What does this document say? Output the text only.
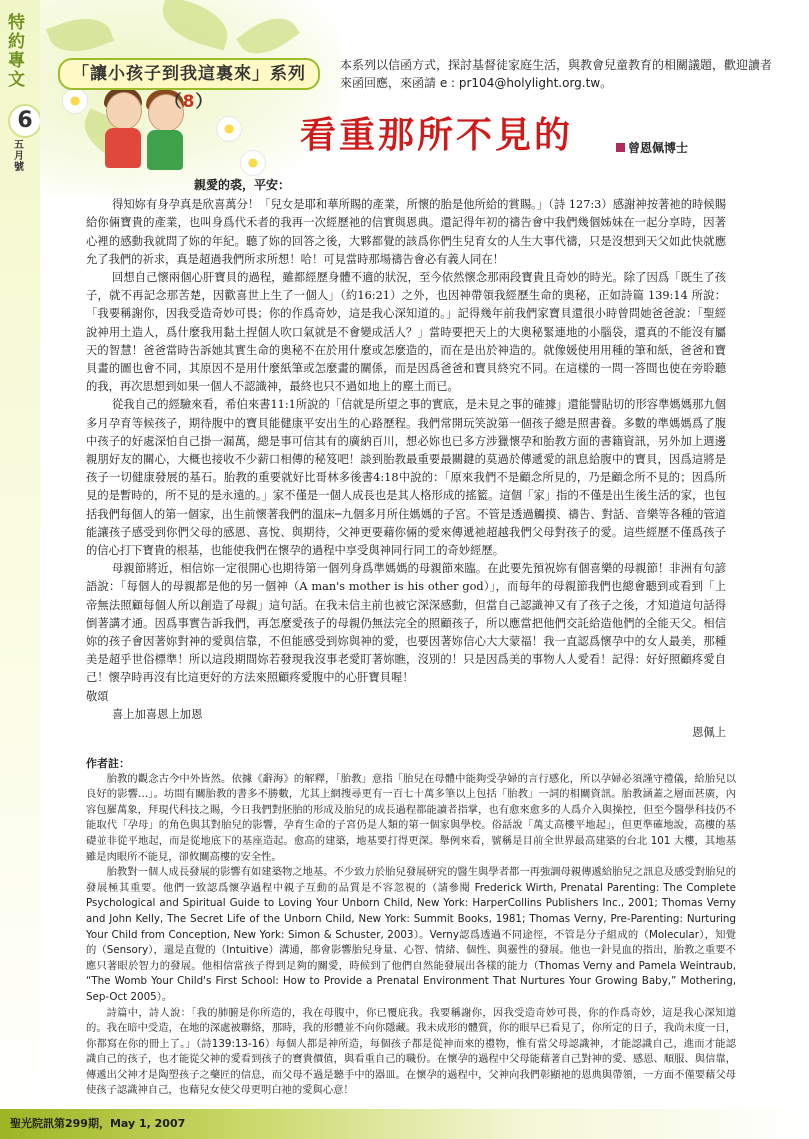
特約專文
6
五月號
「讓小孩子到我這裏來」系列（8）
本系列以信函方式，探討基督徒家庭生活，與教會兒童教育的相關議題，歡迎讀者來函回應，來函請 e : pr104@holylight.org.tw。
看重那所不見的	曾恩佩博士
親愛的裘，平安：

得知妳有身孕真是欣喜萬分！「兒女是耶和華所賜的產業，所懷的胎是他所給的賞賜。」（詩 127:3）感謝神按著祂的時候賜給你倆寶貴的產業，也叫身爲代禾者的我再一次經歷祂的信實與恩典。還記得年初的禱告會中我們幾個姊妹在一起分享時，因著心裡的感動我就問了妳的年紀。聽了妳的回答之後，大夥都覺的該爲你們生兒育女的人生大事代禱，只是沒想到天父如此快就應允了我們的祈求，真是超過我們所求所想！哈！可見當時那場禱告會必有義人同在！

回想自己懷兩個心肝寶貝的過程，雖都經歷身體不適的狀況，至今依然懷念那兩段寶貴且奇妙的時光。除了因爲「既生了孩子，就不再記念那苦楚，因歡喜世上生了一個人」（約16:21）之外，也因神帶領我經歷生命的奧秘，正如詩篇 139:14 所說：「我要稱謝你，因我受造奇妙可畏；你的作爲奇妙，這是我心深知道的。」記得幾年前我們家寶貝還很小時曾問她爸爸說：「聖經說神用土造人，爲什麼我用黏土捏個人吹口氣就是不會變成活人？」當時要把天上的大奧秘緊連地的小腦袋，還真的不能沒有屬天的智慧！爸爸當時告訴她其實生命的奧秘不在於用什麼或怎麼造的，而在是出於神造的。就像媛使用用種的筆和紙，爸爸和寶貝畫的圖也會不同，其原因不是用什麼紙筆或怎麼畫的關係，而是因爲爸爸和寶貝終究不同。在這樣的一問一答間也使在旁聆聽的我，再次思想到如果一個人不認識神，最終也只不過如地上的塵土而已。

從我自己的經驗來看，希伯來書11:1所說的「信就是所望之事的實底，是未見之事的確據」還能譬貼切的形容準媽媽那九個多月孕育等候孩子，期待腹中的寶貝能健康平安出生的心路歷程。我們常開玩笑說第一個孩子總是照書養。多數的準媽媽爲了腹中孩子的好處深怕自己掛一漏萬，總是事可信其有的廣納百川，想必妳也已多方涉獵懷孕和胎教方面的書籍資訊，另外加上週邊親朋好友的關心，大概也接收不少薪口相傳的秘笈吧！談到胎教最重要最關鍵的莫過於傳遞愛的訊息給腹中的寶貝，因爲這將是孩子一切健康發展的基石。胎教的重要就好比哥林多後書4:18中說的：「原來我們不是顧念所見的，乃是顧念所不見的；因爲所見的是暫時的，所不見的是永遠的。」家不僅是一個人成長也是其人格形成的搖籃。這個「家」指的不僅是出生後生活的家，也包括我們每個人的第一個家，出生前懷著我們的溫床─九個多月所住媽媽的子宮。不管是透過觸摸、禱告、對話、音樂等各種的管道能讓孩子感受到你們父母的感恩、喜悅、與期待，父神更要藉你倆的愛來傳遞祂超越我們父母對孩子的愛。這些經歷不僅爲孩子的信心打下寶貴的根基，也能使我們在懷孕的過程中享受與神同行同工的奇妙經歷。

母親節將近，相信妳一定很開心也期待第一個列身爲準媽媽的母親節來臨。在此要先預祝妳有個喜樂的母親節！非洲有句諺語說：「每個人的母親都是他的另一個神（A man's mother is his other god）」，而每年的母親節我們也總會聽到或看到「上帝無法照顧每個人所以創造了母親」這句話。在我未信主前也被它深深感動，但當自己認識神又有了孩子之後，才知道這句話得倒著講才通。因爲事實告訴我們，再怎麼愛孩子的母親仍無法完全的照顧孩子，所以應當把他們交託給造他們的全能天父。相信妳的孩子會因著妳對神的愛與信靠，不但能感受到妳與神的愛，也要因著妳信心大大蒙福！我一直認爲懷孕中的女人最美，那種美是超乎世俗標準！所以這段期間妳若發現我沒事老愛盯著妳瞧，沒別的！只是因爲美的事物人人愛看！記得：好好照顧疼愛自己！懷孕時再沒有比這更好的方法來照顧疼愛腹中的心肝寶貝喔！

敬頌

喜上加喜恩上加恩

恩佩上

作者註：

胎教的觀念古今中外皆然。依據《辭海》的解釋，「胎教」意指「胎兒在母體中能夠受孕婦的言行感化，所以孕婦必須謹守禮儀，給胎兒以良好的影響…」。坊間有關胎教的書多不勝數，尤其上網搜尋更有一百七十萬多筆以上包括「胎教」一詞的相關資訊。胎教涵蓋之層面甚廣，內容包羅萬象，拜現代科技之賜，今日我們對胚胎的形成及胎兒的成長過程都能讀者指掌，也有愈來愈多的人爲介入與操控，但至今醫學科技仍不能取代「孕母」的角色與其對胎兒的影響，孕育生命的子宮仍是人類的第一個家與學校。俗話說「萬丈高樓平地起」，但更準確地說，高樓的基礎並非從平地起，而是從地底下的基座造起。愈高的建築，地基要打得更深。舉例來看，號稱是目前全世界最高建築的台北 101 大樓，其地基雖是肉眼所不能見，卻攸關高樓的安全性。

胎教對一個人成長發展的影響有如建築物之地基。不少致力於胎兒發展研究的醫生與學者都一再強調母親傳遞給胎兒之訊息及感受對胎兒的發展極其重要。他們一致認爲懷孕過程中親子互動的品質是不容忽視的（請參閱 Frederick Wirth, Prenatal Parenting: The Complete Psychological and Spiritual Guide to Loving Your Unborn Child, New York: HarperCollins Publishers Inc., 2001; Thomas Verny and John Kelly, The Secret Life of the Unborn Child, New York: Summit Books, 1981; Thomas Verny, Pre-Parenting: Nurturing Your Child from Conception, New York: Simon & Schuster, 2003）。Verny認爲透過不同途徑，不管是分子組成的（Molecular），知覺的（Sensory），還是直覺的（Intuitive）溝通，都會影響胎兒身量、心智、情緒、個性、與靈性的發展。他也一針見血的指出，胎教之重要不應只著眼於智力的發展。他相信當孩子得到足夠的關愛，時候到了他們自然能發展出各樣的能力（Thomas Verny and Pamela Weintraub, “The Womb Your Child's First School: How to Provide a Prenatal Environment That Nurtures Your Growing Baby,” Mothering, Sep-Oct 2005）。

詩篇中，詩人說：「我的肺腑是你所造的，我在母腹中，你已覆庇我。我要稱謝你，因我受造奇妙可畏，你的作爲奇妙，這是我心深知道的。我在暗中受造，在地的深處被聯絡，那時，我的形體並不向你隱藏。我未成形的體質，你的眼早已看見了，你所定的日子，我尚未度一日，你都寫在你的冊上了。」（詩139:13-16）每個人都是神所造，每個孩子都是從神而來的禮物，惟有當父母認識神，才能認識自己，進而才能認識自己的孩子，也才能從父神的愛看到孩子的寶貴價值，與看重自己的職份。在懷孕的過程中父母能藉著自己對神的愛、感恩、順服、與信靠，傳遞出父神才是陶塑孩子之藥匠的信息，而父母不過是聽手中的器皿。在懷孕的過程中，父神向我們彰顯祂的恩典與帶領，一方面不僅要藉父母使孩子認識神自己，也藉兒女使父母更明白祂的愛與心意！

聖光院訊第299期，May 1, 2007
